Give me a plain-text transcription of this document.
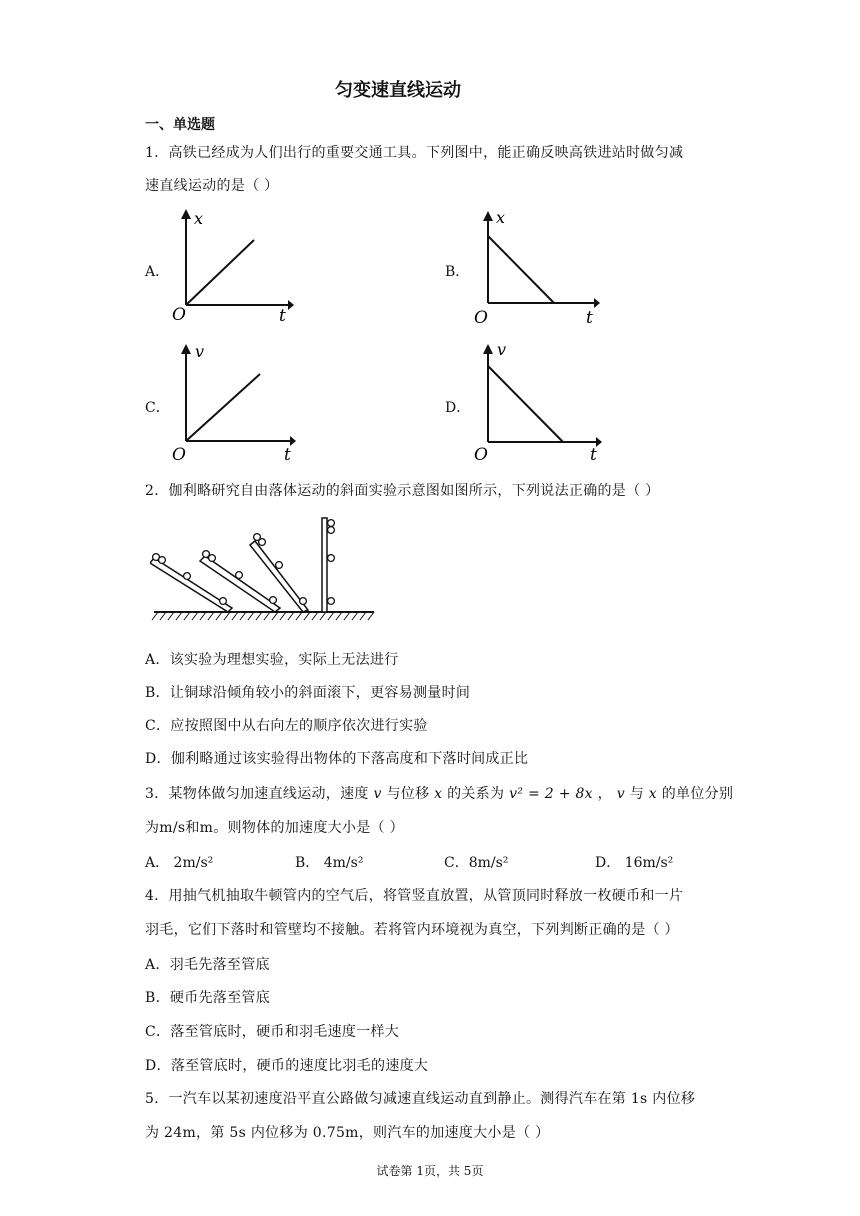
匀变速直线运动
一、单选题
1．高铁已经成为人们出行的重要交通工具。下列图中，能正确反映高铁进站时做匀减
速直线运动的是（ ）
A．	B．
C．	D．
x
t
O
x
t
O
v
t
O
v
t
O
2．伽利略研究自由落体运动的斜面实验示意图如图所示，下列说法正确的是（ ）
A．该实验为理想实验，实际上无法进行
B．让铜球沿倾角较小的斜面滚下，更容易测量时间
C．应按照图中从右向左的顺序依次进行实验
D．伽利略通过该实验得出物体的下落高度和下落时间成正比
3．某物体做匀加速直线运动，速度 v 与位移 x 的关系为 v² = 2 + 8x ， v 与 x 的单位分别
为m/s和m。则物体的加速度大小是（ ）
A． 2m/s²	B． 4m/s²	C．8m/s²	D． 16m/s²
4．用抽气机抽取牛顿管内的空气后，将管竖直放置，从管顶同时释放一枚硬币和一片
羽毛，它们下落时和管壁均不接触。若将管内环境视为真空，下列判断正确的是（ ）
A．羽毛先落至管底
B．硬币先落至管底
C．落至管底时，硬币和羽毛速度一样大
D．落至管底时，硬币的速度比羽毛的速度大
5．一汽车以某初速度沿平直公路做匀减速直线运动直到静止。测得汽车在第 1s 内位移
为 24m，第 5s 内位移为 0.75m，则汽车的加速度大小是（ ）
试卷第 1页，共 5页
